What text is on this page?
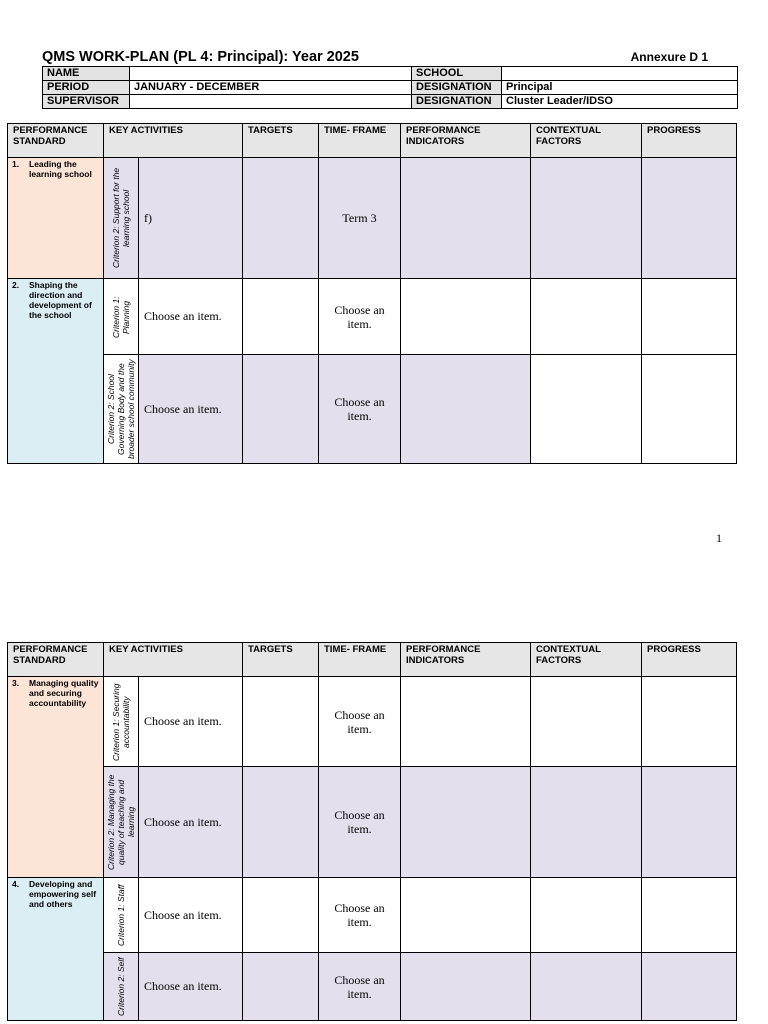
QMS WORK-PLAN (PL 4: Principal): Year 2025	Annexure D 1
NAME		SCHOOL	
PERIOD	JANUARY - DECEMBER	DESIGNATION	Principal
SUPERVISOR		DESIGNATION	Cluster Leader/IDSO
PERFORMANCE STANDARD	KEY ACTIVITIES		TARGETS	TIME- FRAME	PERFORMANCE INDICATORS	CONTEXTUAL FACTORS	PROGRESS

1. Leading the learning school	Criterion 2: Support for the learning school	f)		Term 3			

2. Shaping the direction and development of the school	Criterion 1: Planning	Choose an item.		Choose an item.			

	Criterion 2: School Governing Body and the broader school community	Choose an item.		Choose an item.			
1
PERFORMANCE STANDARD	KEY ACTIVITIES		TARGETS	TIME- FRAME	PERFORMANCE INDICATORS	CONTEXTUAL FACTORS	PROGRESS

3. Managing quality and securing accountability	Criterion 1: Securing accountability	Choose an item.		Choose an item.			

	Criterion 2: Managing the quality of teaching and learning	Choose an item.		Choose an item.			

4. Developing and empowering self and others	Criterion 1: Staff	Choose an item.		Choose an item.			

	Criterion 2: Self	Choose an item.		Choose an item.			
